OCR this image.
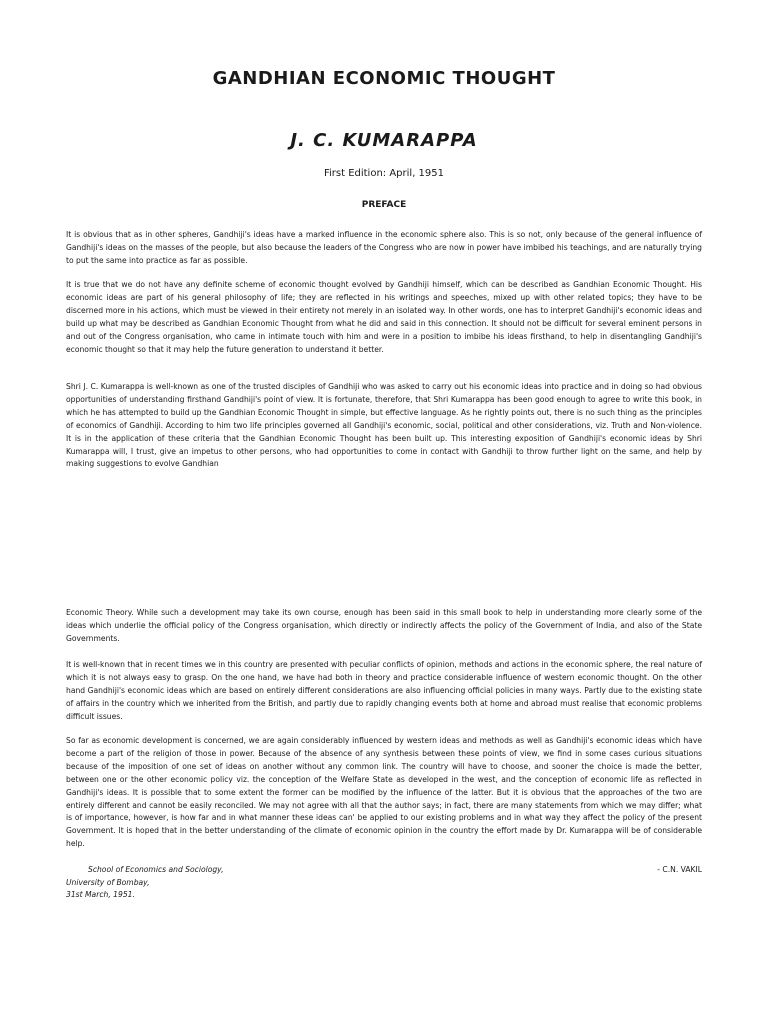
GANDHIAN ECONOMIC THOUGHT
J. C. KUMARAPPA
First Edition: April, 1951
PREFACE

It is obvious that as in other spheres, Gandhiji's ideas have a marked influence in the economic sphere also. This is so not, only because of the general influence of Gandhiji's ideas on the masses of the people, but also because the leaders of the Congress who are now in power have imbibed his teachings, and are naturally trying to put the same into practice as far as possible.

It is true that we do not have any definite scheme of economic thought evolved by Gandhiji himself, which can be described as Gandhian Economic Thought. His economic ideas are part of his general philosophy of life; they are reflected in his writings and speeches, mixed up with other related topics; they have to be discerned more in his actions, which must be viewed in their entirety not merely in an isolated way. In other words, one has to interpret Gandhiji's economic ideas and build up what may be described as Gandhian Economic Thought from what he did and said in this connection. It should not be difficult for several eminent persons in and out of the Congress organisation, who came in intimate touch with him and were in a position to imbibe his ideas firsthand, to help in disentangling Gandhiji's economic thought so that it may help the future generation to understand it better.

Shri J. C. Kumarappa is well-known as one of the trusted disciples of Gandhiji who was asked to carry out his economic ideas into practice and in doing so had obvious opportunities of understanding firsthand Gandhiji's point of view. It is fortunate, therefore, that Shri Kumarappa has been good enough to agree to write this book, in which he has attempted to build up the Gandhian Economic Thought in simple, but effective language. As he rightly points out, there is no such thing as the principles of economics of Gandhiji. According to him two life principles governed all Gandhiji's economic, social, political and other considerations, viz. Truth and Non-violence. It is in the application of these criteria that the Gandhian Economic Thought has been built up. This interesting exposition of Gandhiji's economic ideas by Shri Kumarappa will, I trust, give an impetus to other persons, who had opportunities to come in contact with Gandhiji to throw further light on the same, and help by making suggestions to evolve Gandhian

Economic Theory. While such a development may take its own course, enough has been said in this small book to help in understanding more clearly some of the ideas which underlie the official policy of the Congress organisation, which directly or indirectly affects the policy of the Government of India, and also of the State Governments.

It is well-known that in recent times we in this country are presented with peculiar conflicts of opinion, methods and actions in the economic sphere, the real nature of which it is not always easy to grasp. On the one hand, we have had both in theory and practice considerable influence of western economic thought. On the other hand Gandhiji's economic ideas which are based on entirely different considerations are also influencing official policies in many ways. Partly due to the existing state of affairs in the country which we inherited from the British, and partly due to rapidly changing events both at home and abroad must realise that economic problems difficult issues.

So far as economic development is concerned, we are again considerably influenced by western ideas and methods as well as Gandhiji's economic ideas which have become a part of the religion of those in power. Because of the absence of any synthesis between these points of view, we find in some cases curious situations because of the imposition of one set of ideas on another without any common link. The country will have to choose, and sooner the choice is made the better, between one or the other economic policy viz. the conception of the Welfare State as developed in the west, and the conception of economic life as reflected in Gandhiji's ideas. It is possible that to some extent the former can be modified by the influence of the latter. But it is obvious that the approaches of the two are entirely different and cannot be easily reconciled. We may not agree with all that the author says; in fact, there are many statements from which we may differ; what is of importance, however, is how far and in what manner these ideas can' be applied to our existing problems and in what way they affect the policy of the present Government. It is hoped that in the better understanding of the climate of economic opinion in the country the effort made by Dr. Kumarappa will be of considerable help.

School of Economics and Sociology,
University of Bombay,
31st March, 1951.
- C.N. VAKIL
